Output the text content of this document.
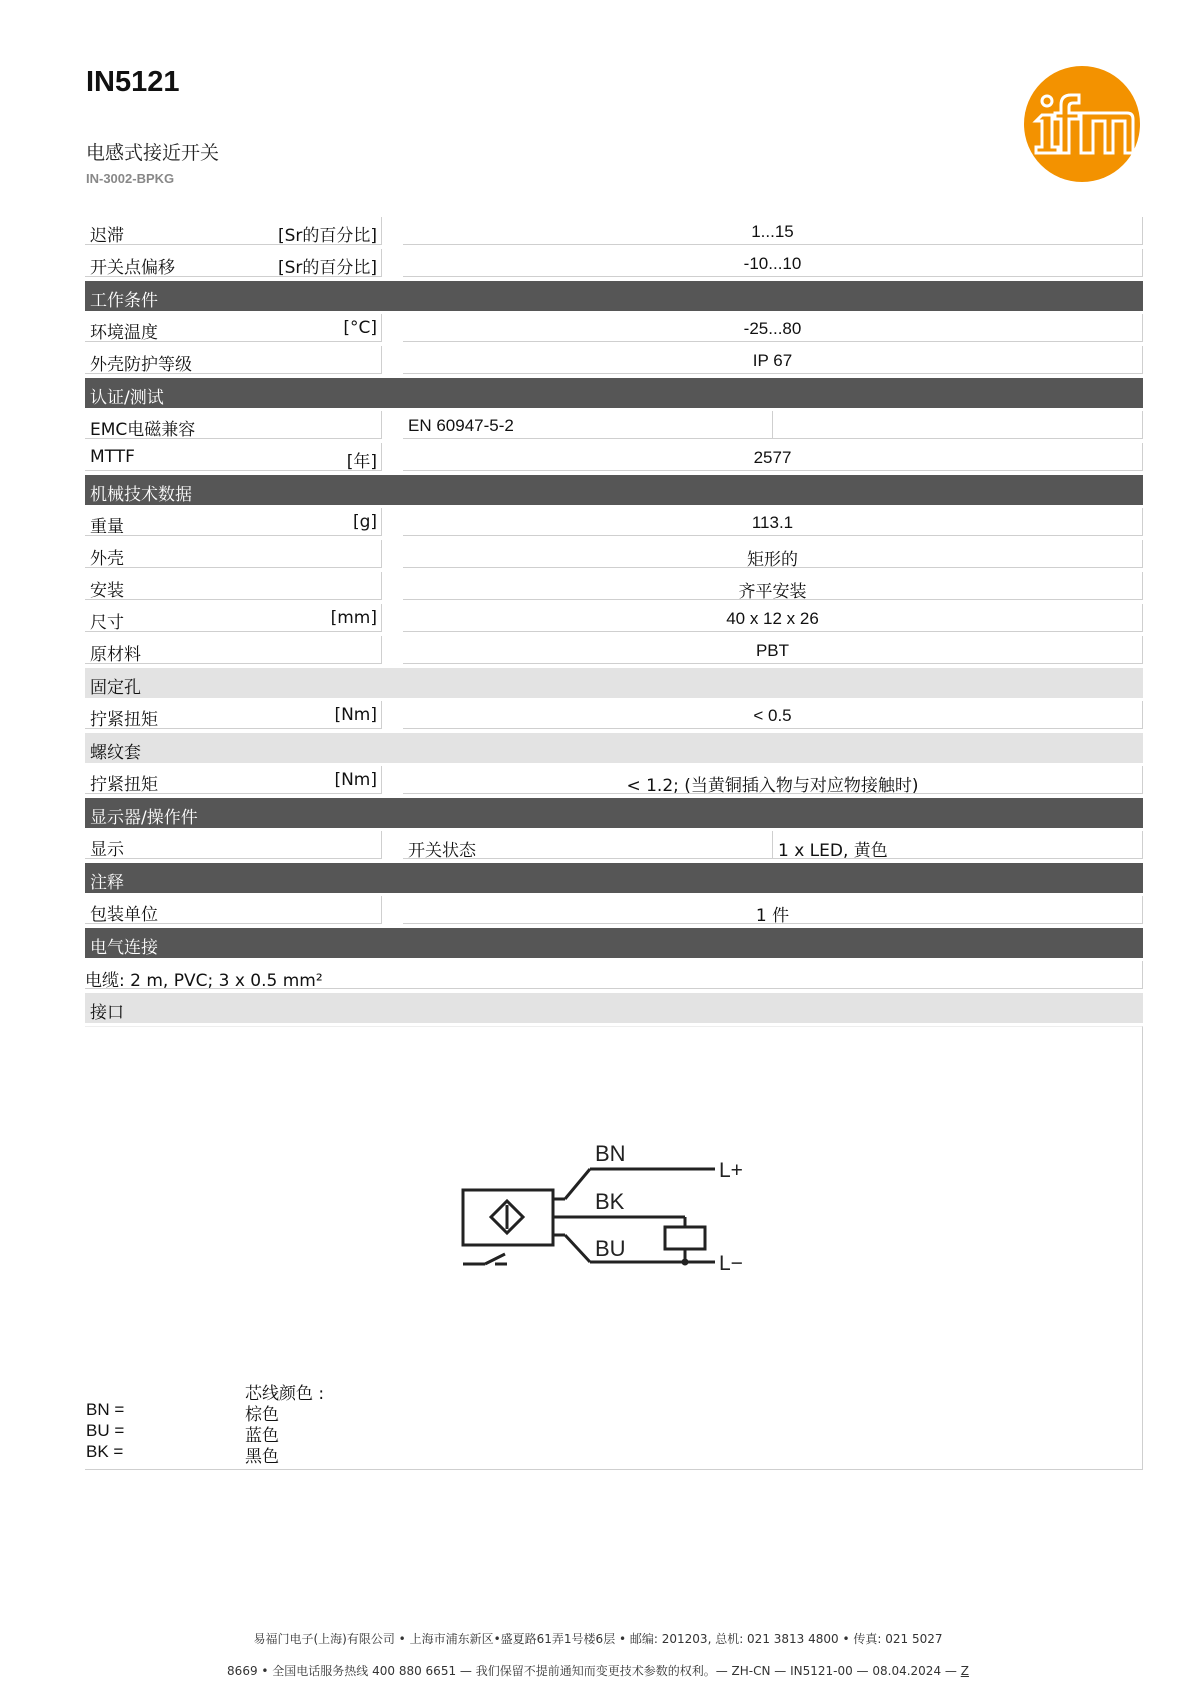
IN5121
电感式接近开关
IN-3002-BPKG
迟滞	[Sr的百分比]	1...15
开关点偏移	[Sr的百分比]	-10...10
工作条件
环境温度	[°C]	-25...80
外壳防护等级	IP 67
认证/测试
EMC电磁兼容	EN 60947-5-2
MTTF	[年]	2577
机械技术数据
重量	[g]	113.1
外壳	矩形的
安装	齐平安装
尺寸	[mm]	40 x 12 x 26
原材料	PBT
固定孔
拧紧扭矩	[Nm]	< 0.5
螺纹套
拧紧扭矩	[Nm]	< 1.2; (当黄铜插入物与对应物接触时)
显示器/操作件
显示	开关状态	1 x LED, 黄色
注释
包装单位	1 件
电气连接
电缆: 2 m, PVC; 3 x 0.5 mm²
接口
BN
BK
BU
L+
L−
芯线颜色 :
BN =	棕色
BU =	蓝色
BK =	黑色
易福门电子(上海)有限公司 • 上海市浦东新区•盛夏路61弄1号楼6层 • 邮编: 201203, 总机: 021 3813 4800 • 传真: 021 5027
8669 • 全国电话服务热线 400 880 6651 — 我们保留不提前通知而变更技术参数的权利。— ZH-CN — IN5121-00 — 08.04.2024 — Z
